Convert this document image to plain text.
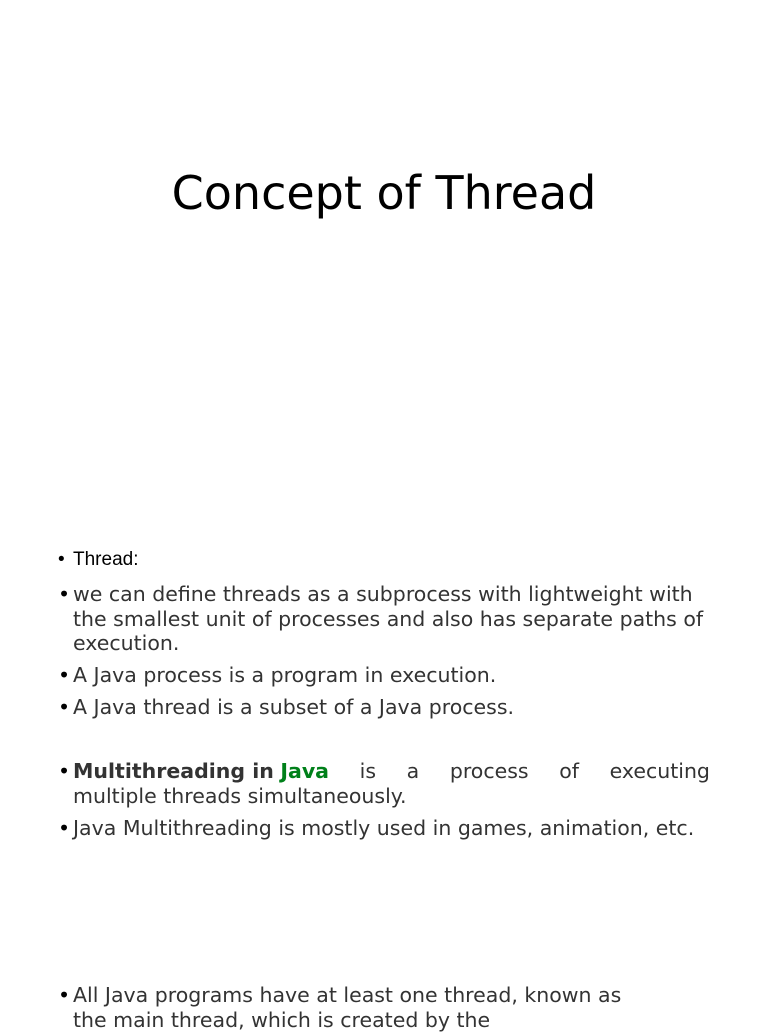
Concept of Thread
• Thread:
• we can define threads as a subprocess with lightweight with the smallest unit of processes and also has separate paths of execution.
• A Java process is a program in execution.
• A Java thread is a subset of a Java process.
• Multithreading in Java is a process of executing
multiple threads simultaneously.
• Java Multithreading is mostly used in games, animation, etc.
• All Java programs have at least one thread, known as
the main thread, which is created by the
